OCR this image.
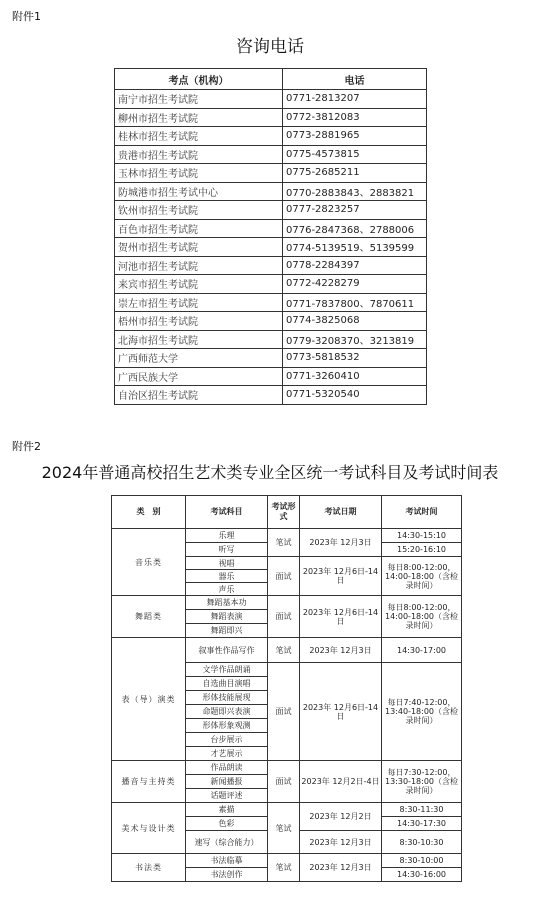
附件1
咨询电话
考点（机构）	电话
南宁市招生考试院	0771-2813207
柳州市招生考试院	0772-3812083
桂林市招生考试院	0773-2881965
贵港市招生考试院	0775-4573815
玉林市招生考试院	0775-2685211
防城港市招生考试中心	0770-2883843、2883821
钦州市招生考试院	0777-2823257
百色市招生考试院	0776-2847368、2788006
贺州市招生考试院	0774-5139519、5139599
河池市招生考试院	0778-2284397
来宾市招生考试院	0772-4228279
崇左市招生考试院	0771-7837800、7870611
梧州市招生考试院	0774-3825068
北海市招生考试院	0779-3208370、3213819
广西师范大学	0773-5818532
广西民族大学	0771-3260410
自治区招生考试院	0771-5320540
附件2
2024年普通高校招生艺术类专业全区统一考试科目及考试时间表
类　别	考试科目	考试形式	考试日期	考试时间
音乐类	乐理	笔试	2023年 12月3日	14:30-15:10
	听写			15:20-16:10
	视唱	面试	2023年 12月6日-14日	每日8:00-12:00，14:00-18:00（含检录时间）
	器乐			
	声乐			
舞蹈类	舞蹈基本功	面试	2023年 12月6日-14日	每日8:00-12:00，14:00-18:00（含检录时间）
	舞蹈表演			
	舞蹈即兴			
表（导）演类	叙事性作品写作	笔试	2023年 12月3日	14:30-17:00
	文学作品朗诵	面试	2023年 12月6日-14日	每日7:40-12:00，13:40-18:00（含检录时间）
	自选曲目演唱			
	形体技能展现			
	命题即兴表演			
	形体形象观测			
	台步展示			
	才艺展示			
播音与主持类	作品朗读	面试	2023年 12月2日-4日	每日7:30-12:00，13:30-18:00（含检录时间）
	新闻播报			
	话题评述			
美术与设计类	素描	笔试	2023年 12月2日	8:30-11:30
	色彩			14:30-17:30
	速写（综合能力）		2023年 12月3日	8:30-10:30
书法类	书法临摹	笔试	2023年 12月3日	8:30-10:00
	书法创作			14:30-16:00
